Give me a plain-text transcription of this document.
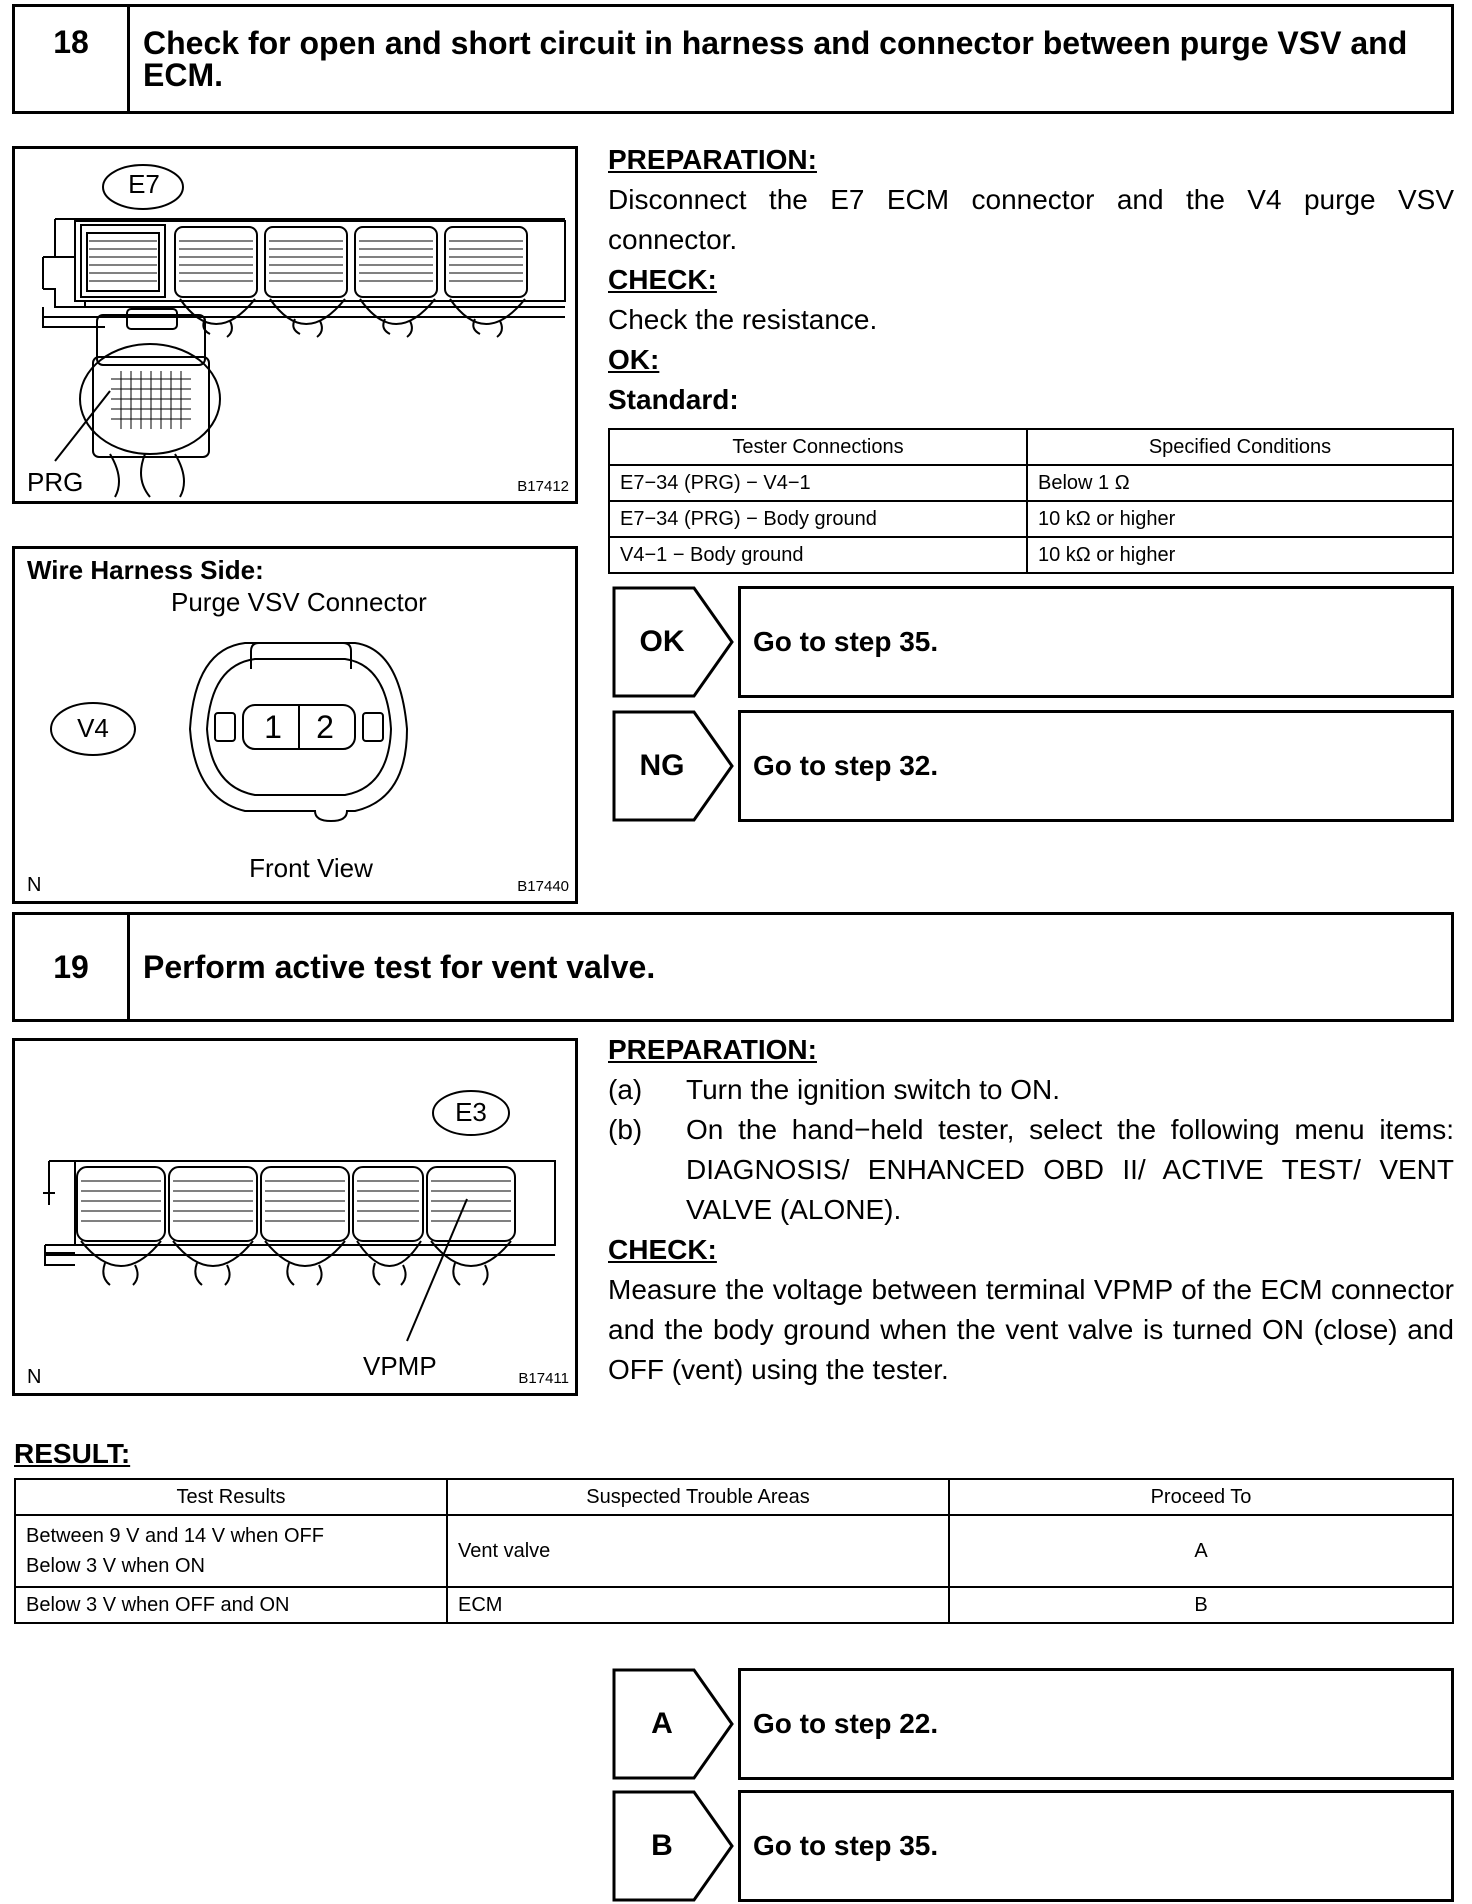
18	Check for open and short circuit in harness and connector between purge VSV and ECM.
E7
PRG	B17412
Wire Harness Side:
Purge VSV Connector
V4	1	2
Front View
N	B17440
PREPARATION:
Disconnect the E7 ECM connector and the V4 purge VSV connector.
CHECK:
Check the resistance.
OK:
Standard:
Tester Connections	Specified Conditions
E7−34 (PRG) − V4−1	Below 1 Ω
E7−34 (PRG) − Body ground	10 kΩ or higher
V4−1 − Body ground	10 kΩ or higher
OK	Go to step 35.
NG	Go to step 32.
19	Perform active test for vent valve.
E3
VPMP
N	B17411
PREPARATION:
(a)	Turn the ignition switch to ON.
(b)	On the hand−held tester, select the following menu items: DIAGNOSIS/ ENHANCED OBD II/ ACTIVE TEST/ VENT VALVE (ALONE).
CHECK:
Measure the voltage between terminal VPMP of the ECM connector and the body ground when the vent valve is turned ON (close) and OFF (vent) using the tester.
RESULT:
Test Results	Suspected Trouble Areas	Proceed To

Between 9 V and 14 V when OFF
Below 3 V when ON	Vent valve	A
Below 3 V when OFF and ON	ECM	B
A	Go to step 22.
B	Go to step 35.
